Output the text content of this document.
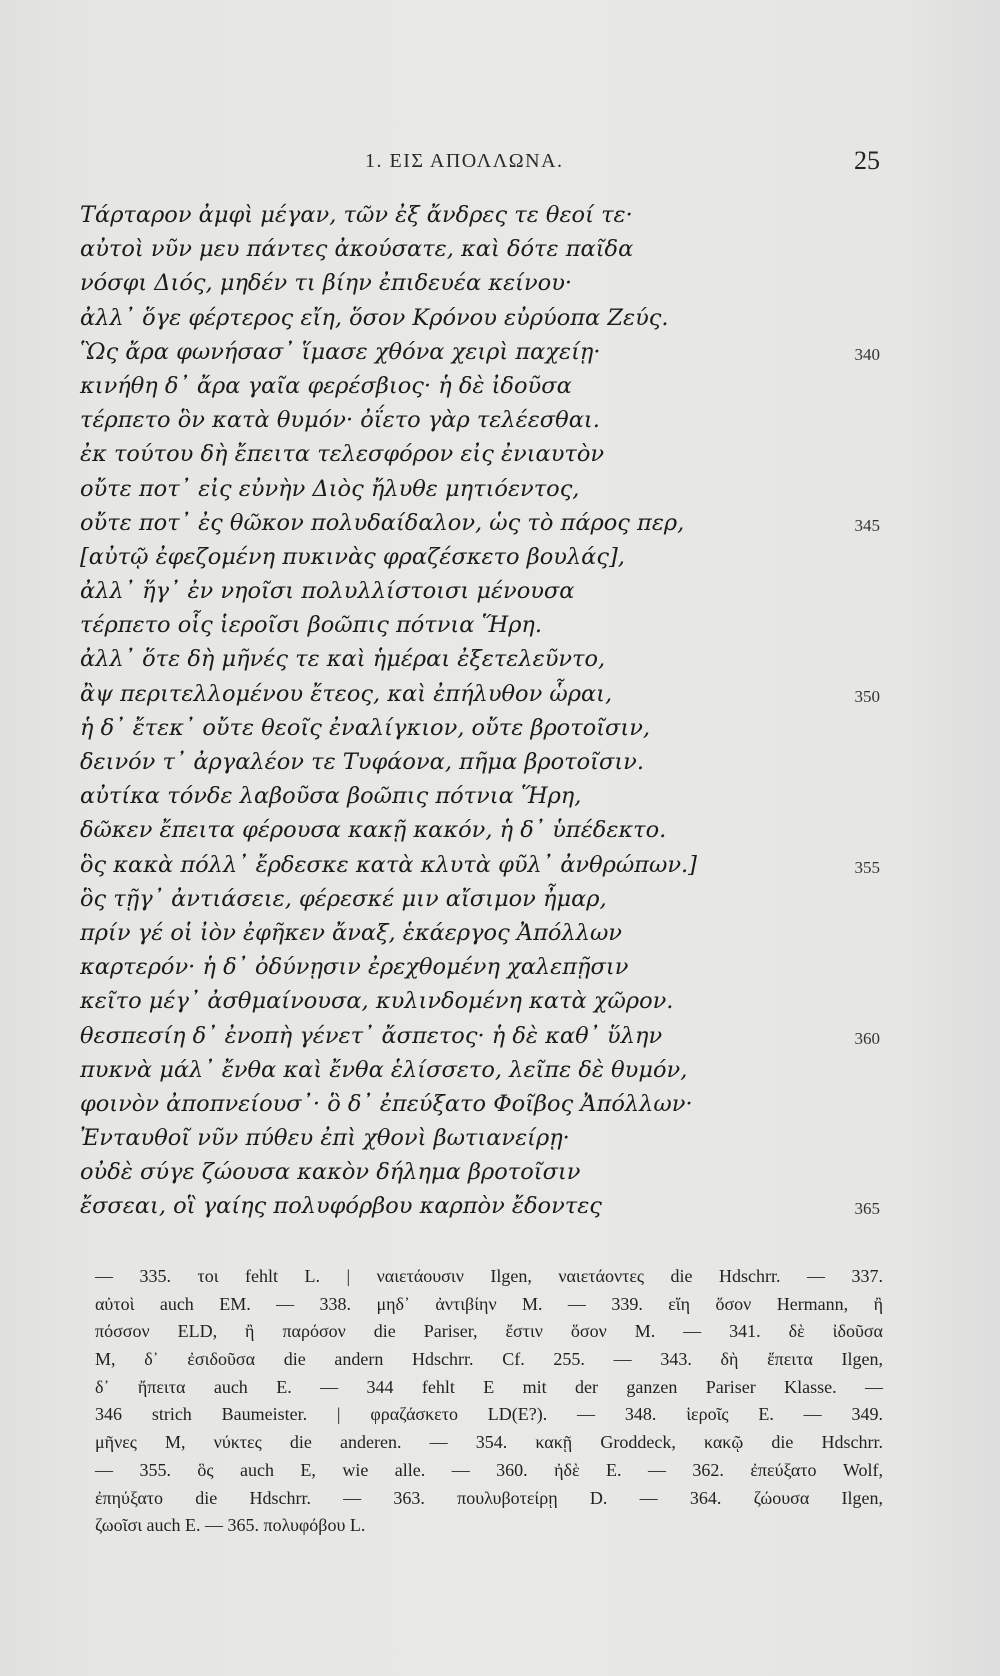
1. ΕΙΣ ΑΠΟΛΛΩΝΑ.	25
Τάρταρον ἀμφὶ μέγαν, τῶν ἐξ ἄνδρες τε θεοί τε·
αὐτοὶ νῦν μευ πάντες ἀκούσατε, καὶ δότε παῖδα
νόσφι Διός, μηδέν τι βίην ἐπιδευέα κείνου·
ἀλλ᾽ ὅγε φέρτερος εἴη, ὅσον Κρόνου εὐρύοπα Ζεύς.
Ὣς ἄρα φωνήσασ᾽ ἵμασε χθόνα χειρὶ παχείῃ·	340
κινήθη δ᾽ ἄρα γαῖα φερέσβιος· ἡ δὲ ἰδοῦσα
τέρπετο ὃν κατὰ θυμόν· ὀΐετο γὰρ τελέεσθαι.
ἐκ τούτου δὴ ἔπειτα τελεσφόρον εἰς ἐνιαυτὸν
οὔτε ποτ᾽ εἰς εὐνὴν Διὸς ἤλυθε μητιόεντος,
οὔτε ποτ᾽ ἐς θῶκον πολυδαίδαλον, ὡς τὸ πάρος περ,	345
[αὐτῷ ἐφεζομένη πυκινὰς φραζέσκετο βουλάς],
ἀλλ᾽ ἥγ᾽ ἐν νηοῖσι πολυλλίστοισι μένουσα
τέρπετο οἷς ἱεροῖσι βοῶπις πότνια Ἥρη.
ἀλλ᾽ ὅτε δὴ μῆνές τε καὶ ἡμέραι ἐξετελεῦντο,
ἂψ περιτελλομένου ἔτεος, καὶ ἐπήλυθον ὧραι,	350
ἡ δ᾽ ἔτεκ᾽ οὔτε θεοῖς ἐναλίγκιον, οὔτε βροτοῖσιν,
δεινόν τ᾽ ἀργαλέον τε Τυφάονα, πῆμα βροτοῖσιν.
αὐτίκα τόνδε λαβοῦσα βοῶπις πότνια Ἥρη,
δῶκεν ἔπειτα φέρουσα κακῇ κακόν, ἡ δ᾽ ὑπέδεκτο.
ὃς κακὰ πόλλ᾽ ἔρδεσκε κατὰ κλυτὰ φῦλ᾽ ἀνθρώπων.]	355
ὃς τῇγ᾽ ἀντιάσειε, φέρεσκέ μιν αἴσιμον ἦμαρ,
πρίν γέ οἱ ἰὸν ἐφῆκεν ἄναξ, ἑκάεργος Ἀπόλλων
καρτερόν· ἡ δ᾽ ὀδύνῃσιν ἐρεχθομένη χαλεπῇσιν
κεῖτο μέγ᾽ ἀσθμαίνουσα, κυλινδομένη κατὰ χῶρον.
θεσπεσίη δ᾽ ἐνοπὴ γένετ᾽ ἄσπετος· ἡ δὲ καθ᾽ ὕλην	360
πυκνὰ μάλ᾽ ἔνθα καὶ ἔνθα ἑλίσσετο, λεῖπε δὲ θυμόν,
φοινὸν ἀποπνείουσ᾽· ὃ δ᾽ ἐπεύξατο Φοῖβος Ἀπόλλων·
Ἐνταυθοῖ νῦν πύθευ ἐπὶ χθονὶ βωτιανείρῃ·
οὐδὲ σύγε ζώουσα κακὸν δήλημα βροτοῖσιν
ἔσσεαι, οἳ γαίης πολυφόρβου καρπὸν ἔδοντες	365
— 335. τοι fehlt L. | ναιετάουσιν Ilgen, ναιετάοντες die Hdschrr. — 337.
αὐτοὶ auch EM. — 338. μηδ᾽ ἀντιβίην M. — 339. εἴη ὅσον Hermann, ἢ
πόσσον ELD, ἢ παρόσον die Pariser, ἔστιν ὅσον M. — 341. δὲ ἰδοῦσα
M, δ᾽ ἐσιδοῦσα die andern Hdschrr. Cf. 255. — 343. δὴ ἔπειτα Ilgen,
δ᾽ ἤπειτα auch E. — 344 fehlt E mit der ganzen Pariser Klasse. —
346 strich Baumeister. | φραζάσκετο LD(E?). — 348. ἱεροῖς E. — 349.
μῆνες M, νύκτες die anderen. — 354. κακῇ Groddeck, κακῷ die Hdschrr.
— 355. ὃς auch E, wie alle. — 360. ἠδὲ E. — 362. ἐπεύξατο Wolf,
ἐπηύξατο die Hdschrr. — 363. πουλυβοτείρῃ D. — 364. ζώουσα Ilgen,
ζωοῖσι auch E. — 365. πολυφόβου L.
